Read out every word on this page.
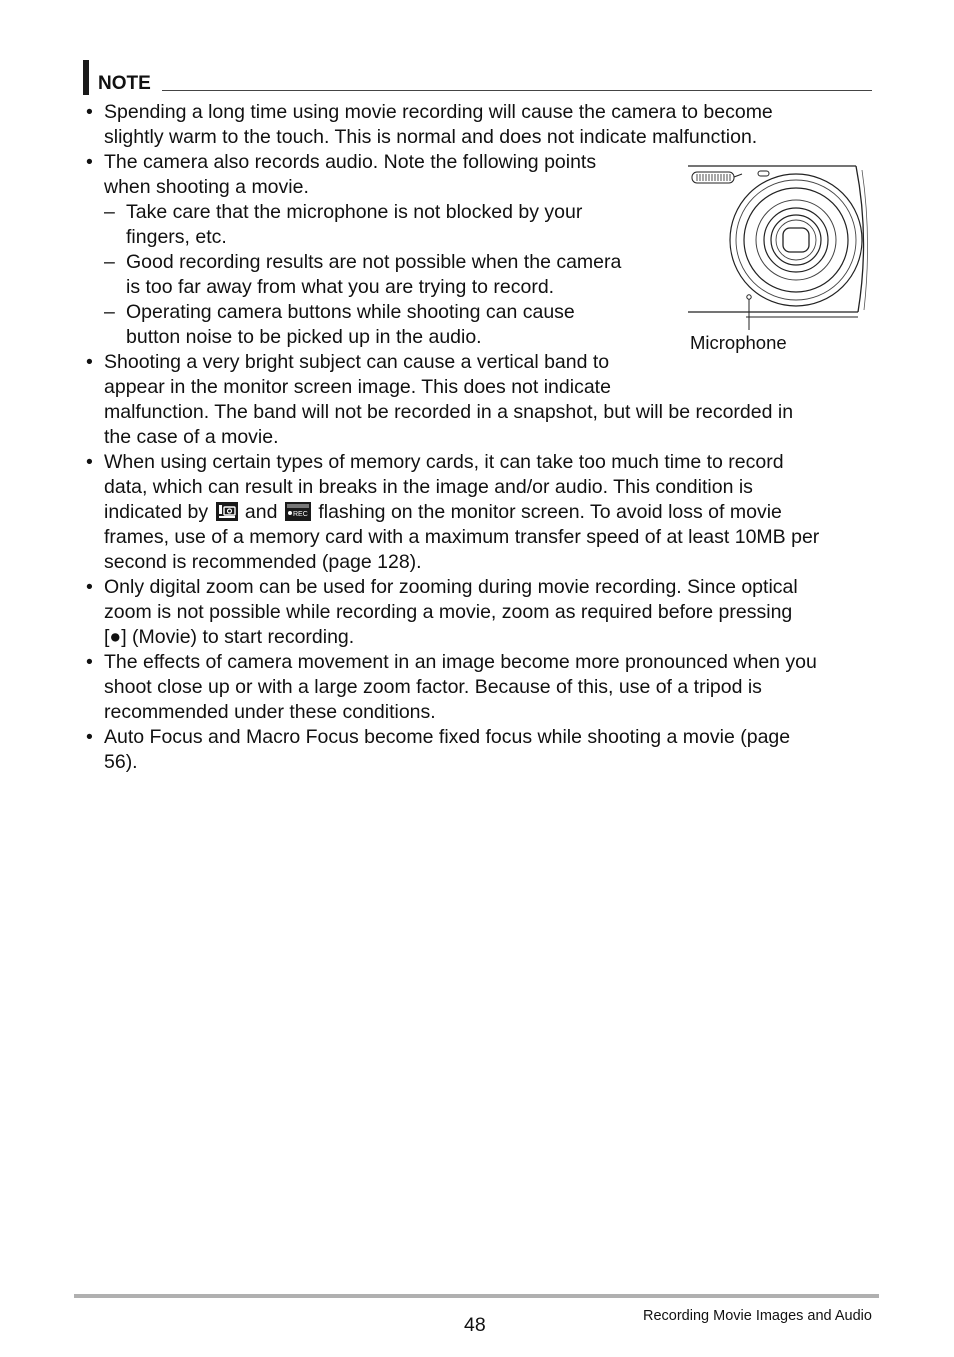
NOTE
• Spending a long time using movie recording will cause the camera to become
slightly warm to the touch. This is normal and does not indicate malfunction.
• The camera also records audio. Note the following points
when shooting a movie.
– Take care that the microphone is not blocked by your
fingers, etc.
– Good recording results are not possible when the camera
is too far away from what you are trying to record.
– Operating camera buttons while shooting can cause
button noise to be picked up in the audio.	Microphone
• Shooting a very bright subject can cause a vertical band to
appear in the monitor screen image. This does not indicate
malfunction. The band will not be recorded in a snapshot, but will be recorded in
the case of a movie.
• When using certain types of memory cards, it can take too much time to record
data, which can result in breaks in the image and/or audio. This condition is
indicated by and REC flashing on the monitor screen. To avoid loss of movie
frames, use of a memory card with a maximum transfer speed of at least 10MB per
second is recommended (page 128).
• Only digital zoom can be used for zooming during movie recording. Since optical
zoom is not possible while recording a movie, zoom as required before pressing
[●] (Movie) to start recording.
• The effects of camera movement in an image become more pronounced when you
shoot close up or with a large zoom factor. Because of this, use of a tripod is
recommended under these conditions.
• Auto Focus and Macro Focus become fixed focus while shooting a movie (page
56).
48	Recording Movie Images and Audio
